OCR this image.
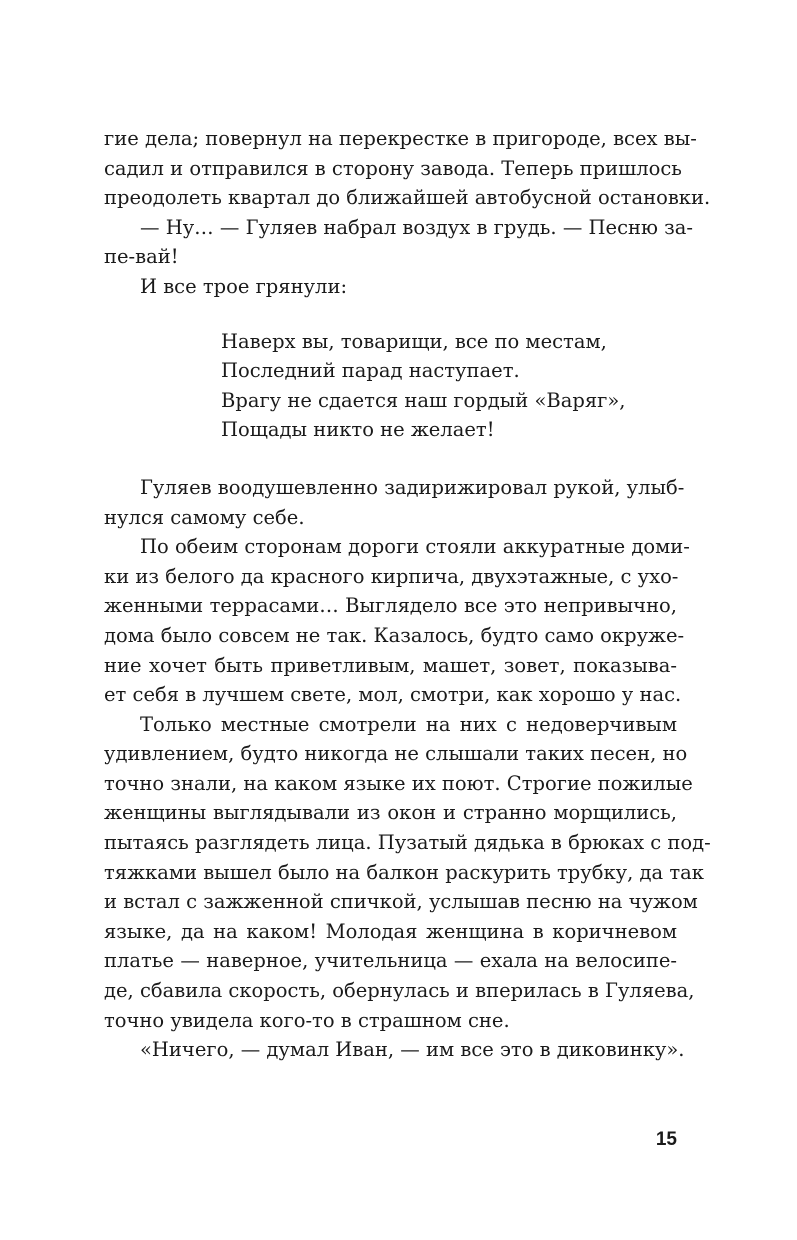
гие дела; повернул на перекрестке в пригороде, всех вы-
садил и отправился в сторону завода. Теперь пришлось
преодолеть квартал до ближайшей автобусной остановки.

— Ну… — Гуляев набрал воздух в грудь. — Песню за-
пе-вай!

И все трое грянули:

Наверх вы, товарищи, все по местам,
Последний парад наступает.
Врагу не сдается наш гордый «Варяг»,
Пощады никто не желает!

Гуляев воодушевленно задирижировал рукой, улыб-
нулся самому себе.

По обеим сторонам дороги стояли аккуратные доми-
ки из белого да красного кирпича, двухэтажные, с ухо-
женными террасами… Выглядело все это непривычно,
дома было совсем не так. Казалось, будто само окруже-
ние хочет быть приветливым, машет, зовет, показыва-
ет себя в лучшем свете, мол, смотри, как хорошо у нас.

Только местные смотрели на них с недоверчивым
удивлением, будто никогда не слышали таких песен, но
точно знали, на каком языке их поют. Строгие пожилые
женщины выглядывали из окон и странно морщились,
пытаясь разглядеть лица. Пузатый дядька в брюках с под-
тяжками вышел было на балкон раскурить трубку, да так
и встал с зажженной спичкой, услышав песню на чужом
языке, да на каком! Молодая женщина в коричневом
платье — наверное, учительница — ехала на велосипе-
де, сбавила скорость, обернулась и вперилась в Гуляева,
точно увидела кого-то в страшном сне.

«Ничего, — думал Иван, — им все это в диковинку».

15
